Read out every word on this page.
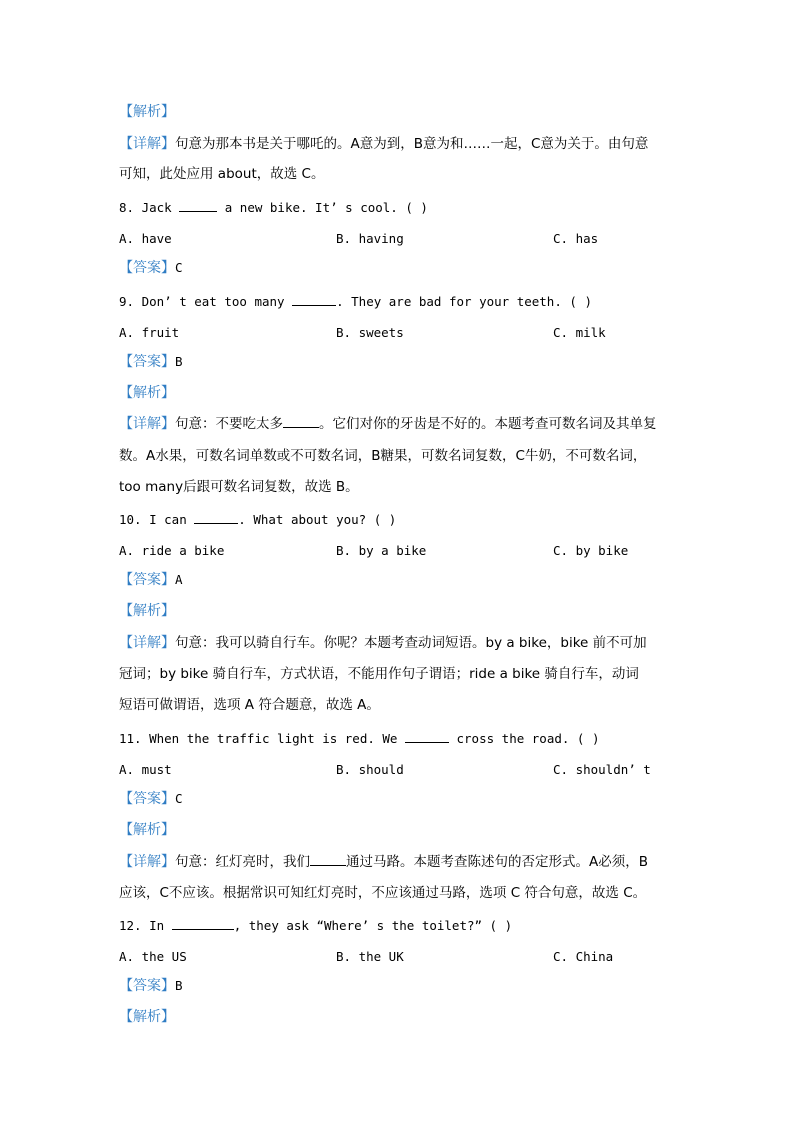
【解析】
【详解】句意为那本书是关于哪吒的。A意为到，B意为和……一起，C意为关于。由句意
可知，此处应用 about，故选 C。
8. Jack	a new bike. It’ s cool. ( )
A. have	B. having	C. has
【答案】C
9. Don’ t eat too many	. They are bad for your teeth. ( )
A. fruit	B. sweets	C. milk
【答案】B
【解析】
【详解】句意：不要吃太多	。它们对你的牙齿是不好的。本题考查可数名词及其单复
数。A水果，可数名词单数或不可数名词，B糖果，可数名词复数，C牛奶，不可数名词，
too many后跟可数名词复数，故选 B。
10. I can	. What about you? ( )
A. ride a bike	B. by a bike	C. by bike
【答案】A
【解析】
【详解】句意：我可以骑自行车。你呢？本题考查动词短语。by a bike，bike 前不可加
冠词；by bike 骑自行车，方式状语，不能用作句子谓语；ride a bike 骑自行车，动词
短语可做谓语，选项 A 符合题意，故选 A。
11. When the traffic light is red. We	cross the road. ( )
A. must	B. should	C. shouldn’ t
【答案】C
【解析】
【详解】句意：红灯亮时，我们	通过马路。本题考查陈述句的否定形式。A必须，B
应该，C不应该。根据常识可知红灯亮时，不应该通过马路，选项 C 符合句意，故选 C。
12. In	, they ask “Where’ s the toilet?” ( )
A. the US	B. the UK	C. China
【答案】B
【解析】
